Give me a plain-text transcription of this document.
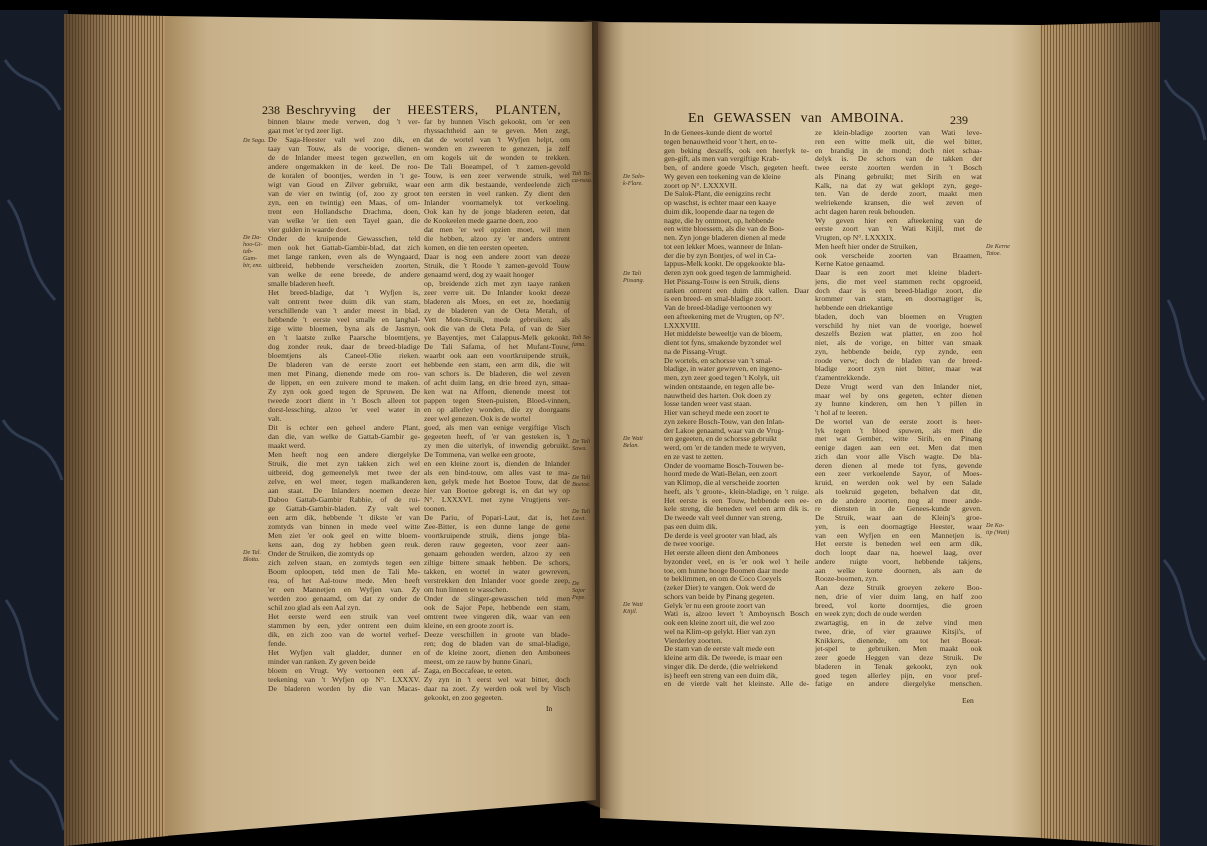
238 Beschryving der HEESTERS, PLANTEN,
binnen blauw mede verwen, dog 't ver-
gaat met 'er tyd zeer ligt.
De Saga-Heester valt wel zoo dik, en
taay van Touw, als de voorige, dienen-
de de Inlander meest tegen gezwellen, en
andere ongemakken in de keel. De roo-
de koralen of boontjes, werden in 't ge-
wigt van Goud en Zilver gebruikt, waar
van de vier en twintig (of, zoo zy groot
zyn, een en twintig) een Maas, of om-
trent een Hollandsche Drachma, doen,
van welke 'er tien een Tayel gaan, die
vier gulden in waarde doet.
Onder de kruipende Gewasschen, teld
men ook het Gattab-Gambir-blad, dat zich
met lange ranken, even als de Wyngaard,
uitbreid, hebbende verscheiden zoorten,
van welke de eene breede, de andere
smalle bladeren heeft.
Het breed-bladige, dat 't Wyfjen is,
valt ontrent twee duim dik van stam,
verschillende van 't ander meest in blad,
hebbende 't eerste veel smalle en langhal-
zige witte bloemen, byna als de Jasmyn,
en 't laatste zulke Paarsche bloemtjens,
dog zonder reuk, daar de breed-bladige
bloemtjens als Caneel-Olie rieken.
De bladeren van de eerste zoort eet
men met Pinang, dienende mede om roo-
de lippen, en een zuivere mond te maken.
Zy zyn ook goed tegen de Spruwen. De
tweede zoort dient in 't Bosch alleen tot
dorst-lessching, alzoo 'er veel water in
valt.
Dit is echter een geheel andere Plant,
dan die, van welke de Gattab-Gambir ge-
maakt werd.
Men heeft nog een andere diergelyke
Struik, die met zyn takken zich wel
uitbreid, dog gemeenelyk met twee der
zelve, en wel meer, tegen malkanderen
aan staat. De Inlanders noemen deeze
Daboo Gattab-Gambir Rabbie, of de rui-
ge Gattab-Gambir-bladen. Zy valt wel
een arm dik, hebbende 't dikste 'er van
zomtyds van binnen in mede veel witte
Men ziet 'er ook geel en witte bloem-
kens aan, dog zy hebben geen reuk.
Onder de Struiken, die zomtyds op
zich zelven staan, en zomtyds tegen een
Boom oploopen, teld men de Tali Me-
rea, of het Aal-touw mede. Men heeft
'er een Mannetjen en Wyfjen van. Zy
werden zoo genaamd, om dat zy onder de
schil zoo glad als een Aal zyn.
Het eerste werd een struik van veel
stammen by een, yder ontrent een duim
dik, en zich zoo van de wortel verhef-
fende.
Het Wyfjen valt gladder, dunner en
minder van ranken. Zy geven beide
bloem en Vrugt. Wy vertoonen een af-
teekening van 't Wyfjen op N°. LXXXV.
De bladeren worden by die van Macas-
far by hunnen Visch gekookt, om 'er een
rhyssachtheid aan te geven. Men zegt,
dat de wortel van 't Wyfjen helpt, om
wonden en zweeren te genezen, ja zelf
om kogels uit de wonden te trekken.
De Tali Boeampel, of 't zamen-gevold
Touw, is een zeer verwende struik, wel
een arm dik bestaande, verdeelende zich
ten eersten in veel ranken. Zy dient den
Inlander voornamelyk tot verkoeling.
Ook kan hy de jonge bladeren eeten, dat
de Kookeelen mede gaarne doen, zoo
dat men 'er wel opzien moet, wil men
die hebben, alzoo zy 'er anders ontrent
komen, en die ten eersten opeeten.
Daar is nog een andere zoort van deeze
Struik, die 't Roode 't zamen-gevold Touw
genaamd werd, dog zy waait hooger
op, breidende zich met zyn taaye ranken
zeer verre uit. De Inlander kookt deeze
bladeren als Moes, en eet ze, hoedanig
zy de bladeren van de Oeta Merah, of
Vett Mote-Struik, mede gebruiken; als
ook die van de Oeta Pela, of van de Sier
ye Bayentjes, met Calappus-Melk gekookt.
De Tali Safama, of het Mufant-Touw,
waarbt ook aan een voortkruipende struik,
hebbende een stam, een arm dik, die wit
van schors is. De bladeren, die wel zeven
of acht duim lang, en drie breed zyn, smaa-
ken wat na Affoen, dienende meest tot
pappen tegen Steen-puisten, Bloed-vinnen,
en op allerley wonden, die zy doorgaans
zeer wel genezen. Ook is de wortel
goed, als men van eenige vergiftige Visch
gegeeten heeft, of 'er van gesteken is, 't
zy men die uiterlyk, of inwendig gebruikt.
De Tommena, van welke een groote,
en een kleine zoort is, dienden de Inlander
als een bind-touw, om alles vast te ma-
ken, gelyk mede het Boetoe Touw, dat de
hier van Boetoe gebregt is, en dat wy op
N°. LXXXVI. met zyne Vrugtjens ver-
toonen.
De Pariu, of Popari-Laut, dat is, het
Zee-Bitter, is een dunne lange de gene
voortkruipende struik, diens jonge bla-
deren rauw gegeeten, voor zeer aan-
genaam gehouden werden, alzoo zy een
ziltige bittere smaak hebben. De schors,
takken, en wortel in water gewreven,
verstrekken den Inlander voor goede zeep,
om hun linnen te wasschen.
Onder de slinger-gewasschen teld men
ook de Sajor Pepe, hebbende een stam,
omtrent twee vingeren dik, waar van een
kleine, en een groote zoort is.
Deeze verschillen in groote van blade-
ren; dog de bladen van de smal-bladige,
of de kleine zoort, dienen den Ambonees
meest, om ze rauw by hunne Gnari,
Zaga, en Boccafeae, te eeten.
Zy zyn in 't eerst wel wat bitter, doch
daar na zoet. Zy werden ook wel by Visch
gekookt, en zoo gegeeten.
De Sagu.
De Da-
hoo-Gi-
tab-Gam-
bir, enz.
De Tal.
Blotta.
Tali Ta-
ca-nssa.
Tali Sa-
fama.
De Tali
Sawa.
De Tali
Boetoe.
De Tali
Lawt.
De Sajor
Pepe.
In
En GEWASSEN van AMBOINA.	239
In de Genees-kunde dient de wortel
tegen benauwtheid voor 't hert, en te-
gen beking deszelfs, ook een heerlyk te-
gen-gift, als men van vergiftige Krab-
ben, of andere goede Visch, gegeten heeft.
Wy geven een teekening van de kleine
zoort op N°. LXXXVII.
De Salok-Plant, die eenigzins recht
op waschst, is echter maar een kaaye
duim dik, loopende daar na tegen de
nagte, die hy ontmoet, op, hebbende
een witte bloessem, als die van de Boo-
nen. Zyn jonge bladeren dienen al mede
tot een lekker Moes, wanneer de Inlan-
der die by zyn Bontjes, of wel in Ca-
lappus-Melk kookt. De opgekookte bla-
deren zyn ook goed tegen de lammigheid.
Het Pissang-Touw is een Struik, diens
ranken ontrent een duim dik vallen. Daar
is een breed- en smal-bladige zoort.
Van de breed-bladige vertoonen wy
een afteekening met de Vrugten, op N°.
LXXXVIII.
Het middelste beweeltje van de bloem,
dient tot fyns, smakende byzonder wel
na de Pissang-Vrugt.
De wortels, en schorsse van 't smal-
bladige, in water gewreven, en ingeno-
men, zyn zeer goed tegen 't Kolyk, uit
winden ontstaande, en tegen alle be-
nauwtheid des harten. Ook doen zy
losse tanden weer vast staan.
Hier van scheyd mede een zoort te
zyn zekere Bosch-Touw, van den Inlan-
der Lakoe genaamd, waar van de Vrug-
ten gegeeten, en de schorsse gebruikt
werd, om 'er de tanden mede te wryven,
en ze vast te zetten.
Onder de voorname Bosch-Touwen be-
hoord mede de Wati-Belan, een zoort
van Klimop, die al verscheide zoorten
heeft, als 't groote-, klein-bladige, en 't ruige.
Het eerste is een Touw, hebbende een ee-
kele streng, die beneden wel een arm dik is.
De tweede valt veel dunner van streng,
pas een duim dik.
De derde is veel grooter van blad, als
de twee voorige.
Het eerste alleen dient den Ambonees
byzonder veel, en is 'er ook wel 't heile
toe, om hunne hooge Boomen daar mede
te beklimmen, en om de Coco Coeyels
(zeker Dier) te vangen. Ook werd de
schors van beide by Pinang gegeten.
Gelyk 'er nu een groote zoort van
Wati is, alzoo levert 't Amboynsch Bosch
ook een kleine zoort uit, die wel zoo
wel na Klim-op gelykt. Hier van zyn
Vierderley zoorten.
De stam van de eerste valt mede een
kleine arm dik. De tweede, is maar een
vinger dik. De derde, (die welriekend
is) heeft een streng van een duim dik,
en de vierde valt het kleinste. Alle de-
ze klein-bladige zoorten van Wati leve-
ren een witte melk uit, die wel bitter,
en brandig in de mond; doch niet schaa-
delyk is. De schors van de takken der
twee eerste zoorten werden in 't Bosch
als Pinang gebruikt; met Sirih en wat
Kalk, na dat zy wat geklopt zyn, gege-
ten. Van de derde zoort, maakt men
welriekende kransen, die wel zeven of
acht dagen haren reuk behouden.
Wy geven hier een afteekening van de
eerste zoort van 't Wati Kitjil, met de
Vrugten, op N°. LXXXIX.
Men heeft hier onder de Struiken,
ook verscheide zoorten van Braamen,
Kerne Katoe genaamd.
Daar is een zoort met kleine bladert-
jens, die met veel stammen recht opgroeid,
doch daar is een breed-bladige zoort, die
krommer van stam, en doornagtiger is,
hebbende een driekantige
bladen, doch van bloemen en Vrugten
verschild hy niet van de voorige, hoewel
deszelfs Bezien wat platter, en zoo hol
niet, als de vorige, en bitter van smaak
zyn, hebbende beide, ryp zynde, een
roode verw; doch de bladen van de breed-
bladige zoort zyn niet bitter, maar wat
t'zamentrekkende.
Deze Vrugt werd van den Inlander niet,
maar wel by ons gegeten, echter dienen
zy hunne kinderen, om hen 't pillen in
't hol af te leeren.
De wortel van de eerste zoort is heer-
lyk tegen 't bloed spuwen, als men die
met wat Gember, witte Sirih, en Pinang
eenige dagen aan een eet. Men dat men
zich dan voor alle Visch wagte. De bla-
deren dienen al mede tot fyns, gevende
een zeer verkoelende Sayor, of Moes-
kruid, en werden ook wel by een Salade
als toekruid gegeten, behalven dat dit,
en de andere zoorten, nog al meer ande-
re diensten in de Genees-kunde geven.
De Struik, waar aan de Kleinj's groe-
yen, is een doornagtige Heester, waar
van een Wyfjen en een Mannetjen is.
Het eerste is beneden wel een arm dik,
doch loopt daar na, hoewel laag, over
andere ruigte voort, hebbende takjens,
aan welke korte doornen, als aan de
Rooze-boomen, zyn.
Aan deze Struik groeyen zekere Boo-
nen, drie of vier duim lang, en half zoo
breed, vol korte doorntjes, die groen
en week zyn; doch de oude werden
zwartagtig, en in de zelve vind men
twee, drie, of vier graauwe Kitsji's, of
Knikkers, dienende, om tot het Boeat-
jet-spel te gebruiken. Men maakt ook
zeer goede Heggen van deze Struik. De
bladeren in Tenak gekookt, zyn ook
goed tegen allerley pijn, en voor pref-
fatige en andere diergelyke menschen.
De Salo-
k-Flare.
De Tali
Pissang.
De Wati
Belan.
De Wati
Kitjil.
De Kerne
Tatoe.
De Ka-
tip (Wati)
Een
